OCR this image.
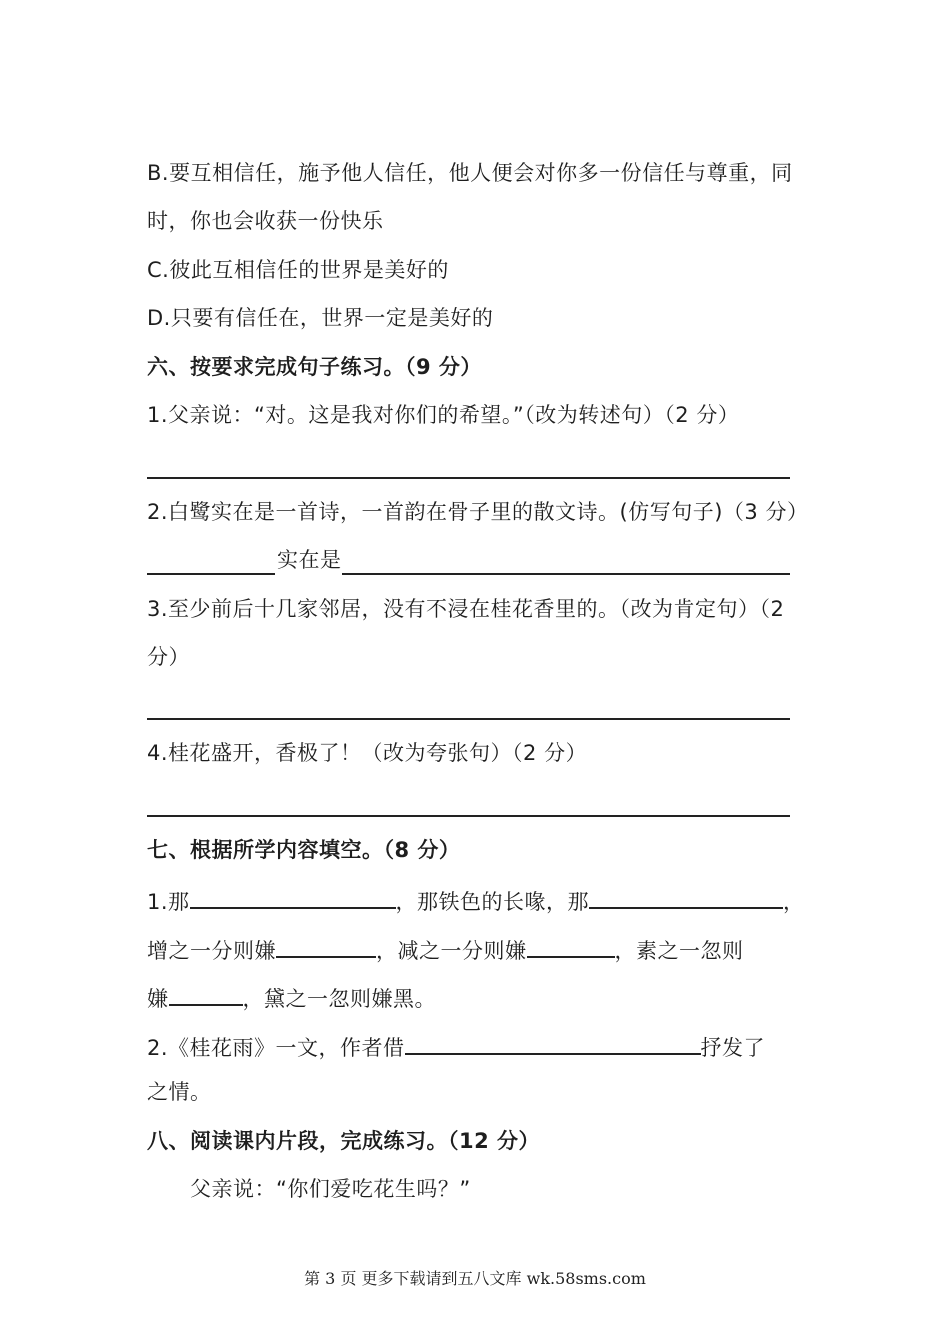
B.要互相信任，施予他人信任，他人便会对你多一份信任与尊重，同
时，你也会收获一份快乐
C.彼此互相信任的世界是美好的
D.只要有信任在，世界一定是美好的
六、按要求完成句子练习。（9 分）
1.父亲说：“对。这是我对你们的希望。”（改为转述句）（2 分）
2.白鹭实在是一首诗，一首韵在骨子里的散文诗。(仿写句子)（3 分）
实在是
3.至少前后十几家邻居，没有不浸在桂花香里的。（改为肯定句）（2
分）
4.桂花盛开，香极了！（改为夸张句）（2 分）
七、根据所学内容填空。（8 分）
1.那	，那铁色的长喙，那	，
增之一分则嫌	，减之一分则嫌	，素之一忽则
嫌	，黛之一忽则嫌黑。
2.《桂花雨》一文，作者借	抒发了
之情。
八、阅读课内片段，完成练习。（12 分）
父亲说：“你们爱吃花生吗？”
第 3 页 更多下载请到五八文库 wk.58sms.com
